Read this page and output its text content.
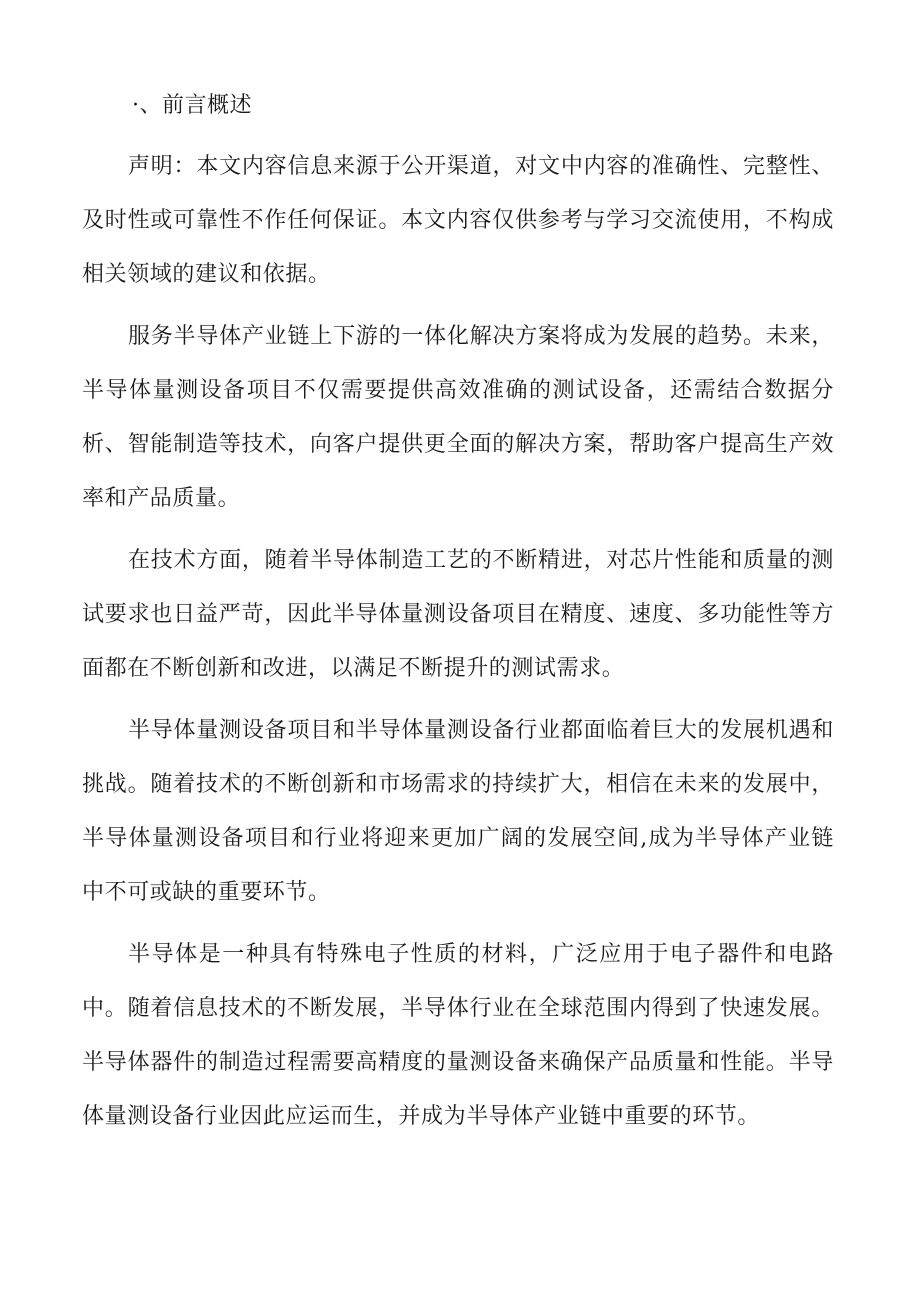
·、前言概述

声明：本文内容信息来源于公开渠道，对文中内容的准确性、完整性、及时性或可靠性不作任何保证。本文内容仅供参考与学习交流使用，不构成相关领域的建议和依据。

服务半导体产业链上下游的一体化解决方案将成为发展的趋势。未来，半导体量测设备项目不仅需要提供高效准确的测试设备，还需结合数据分析、智能制造等技术，向客户提供更全面的解决方案，帮助客户提高生产效率和产品质量。

在技术方面，随着半导体制造工艺的不断精进，对芯片性能和质量的测试要求也日益严苛，因此半导体量测设备项目在精度、速度、多功能性等方面都在不断创新和改进，以满足不断提升的测试需求。

半导体量测设备项目和半导体量测设备行业都面临着巨大的发展机遇和挑战。随着技术的不断创新和市场需求的持续扩大，相信在未来的发展中，半导体量测设备项目和行业将迎来更加广阔的发展空间,成为半导体产业链中不可或缺的重要环节。

半导体是一种具有特殊电子性质的材料，广泛应用于电子器件和电路中。随着信息技术的不断发展，半导体行业在全球范围内得到了快速发展。半导体器件的制造过程需要高精度的量测设备来确保产品质量和性能。半导体量测设备行业因此应运而生，并成为半导体产业链中重要的环节。
